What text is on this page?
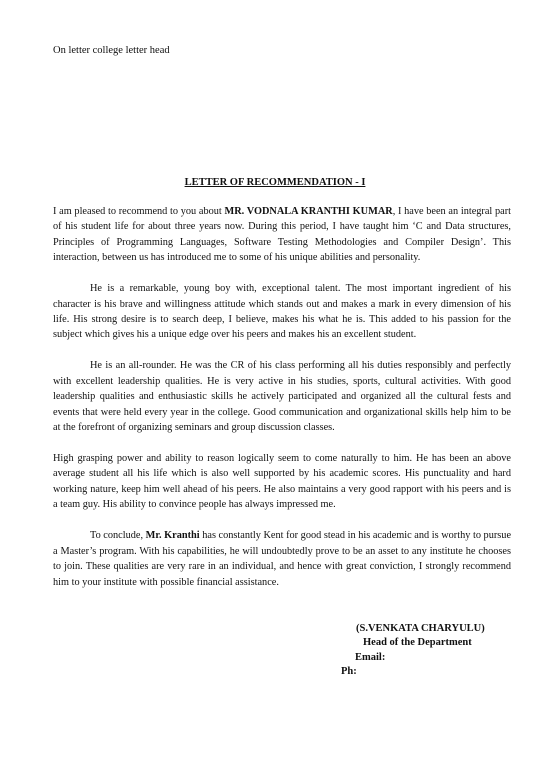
On letter college letter head
LETTER OF RECOMMENDATION - I

I am pleased to recommend to you about MR. VODNALA KRANTHI KUMAR, I have been an integral part of his student life for about three years now. During this period, I have taught him ‘C and Data structures, Principles of Programming Languages, Software Testing Methodologies and Compiler Design’. This interaction, between us has introduced me to some of his unique abilities and personality.

He is a remarkable, young boy with, exceptional talent. The most important ingredient of his character is his brave and willingness attitude which stands out and makes a mark in every dimension of his life. His strong desire is to search deep, I believe, makes his what he is. This added to his passion for the subject which gives his a unique edge over his peers and makes his an excellent student.

He is an all-rounder. He was the CR of his class performing all his duties responsibly and perfectly with excellent leadership qualities. He is very active in his studies, sports, cultural activities. With good leadership qualities and enthusiastic skills he actively participated and organized all the cultural fests and events that were held every year in the college. Good communication and organizational skills help him to be at the forefront of organizing seminars and group discussion classes.

High grasping power and ability to reason logically seem to come naturally to him. He has been an above average student all his life which is also well supported by his academic scores. His punctuality and hard working nature, keep him well ahead of his peers. He also maintains a very good rapport with his peers and is a team guy. His ability to convince people has always impressed me.

To conclude, Mr. Kranthi has constantly Kent for good stead in his academic and is worthy to pursue a Master’s program. With his capabilities, he will undoubtedly prove to be an asset to any institute he chooses to join. These qualities are very rare in an individual, and hence with great conviction, I strongly recommend him to your institute with possible financial assistance.

(S.VENKATA CHARYULU)
Head of the Department
Email:
Ph:
